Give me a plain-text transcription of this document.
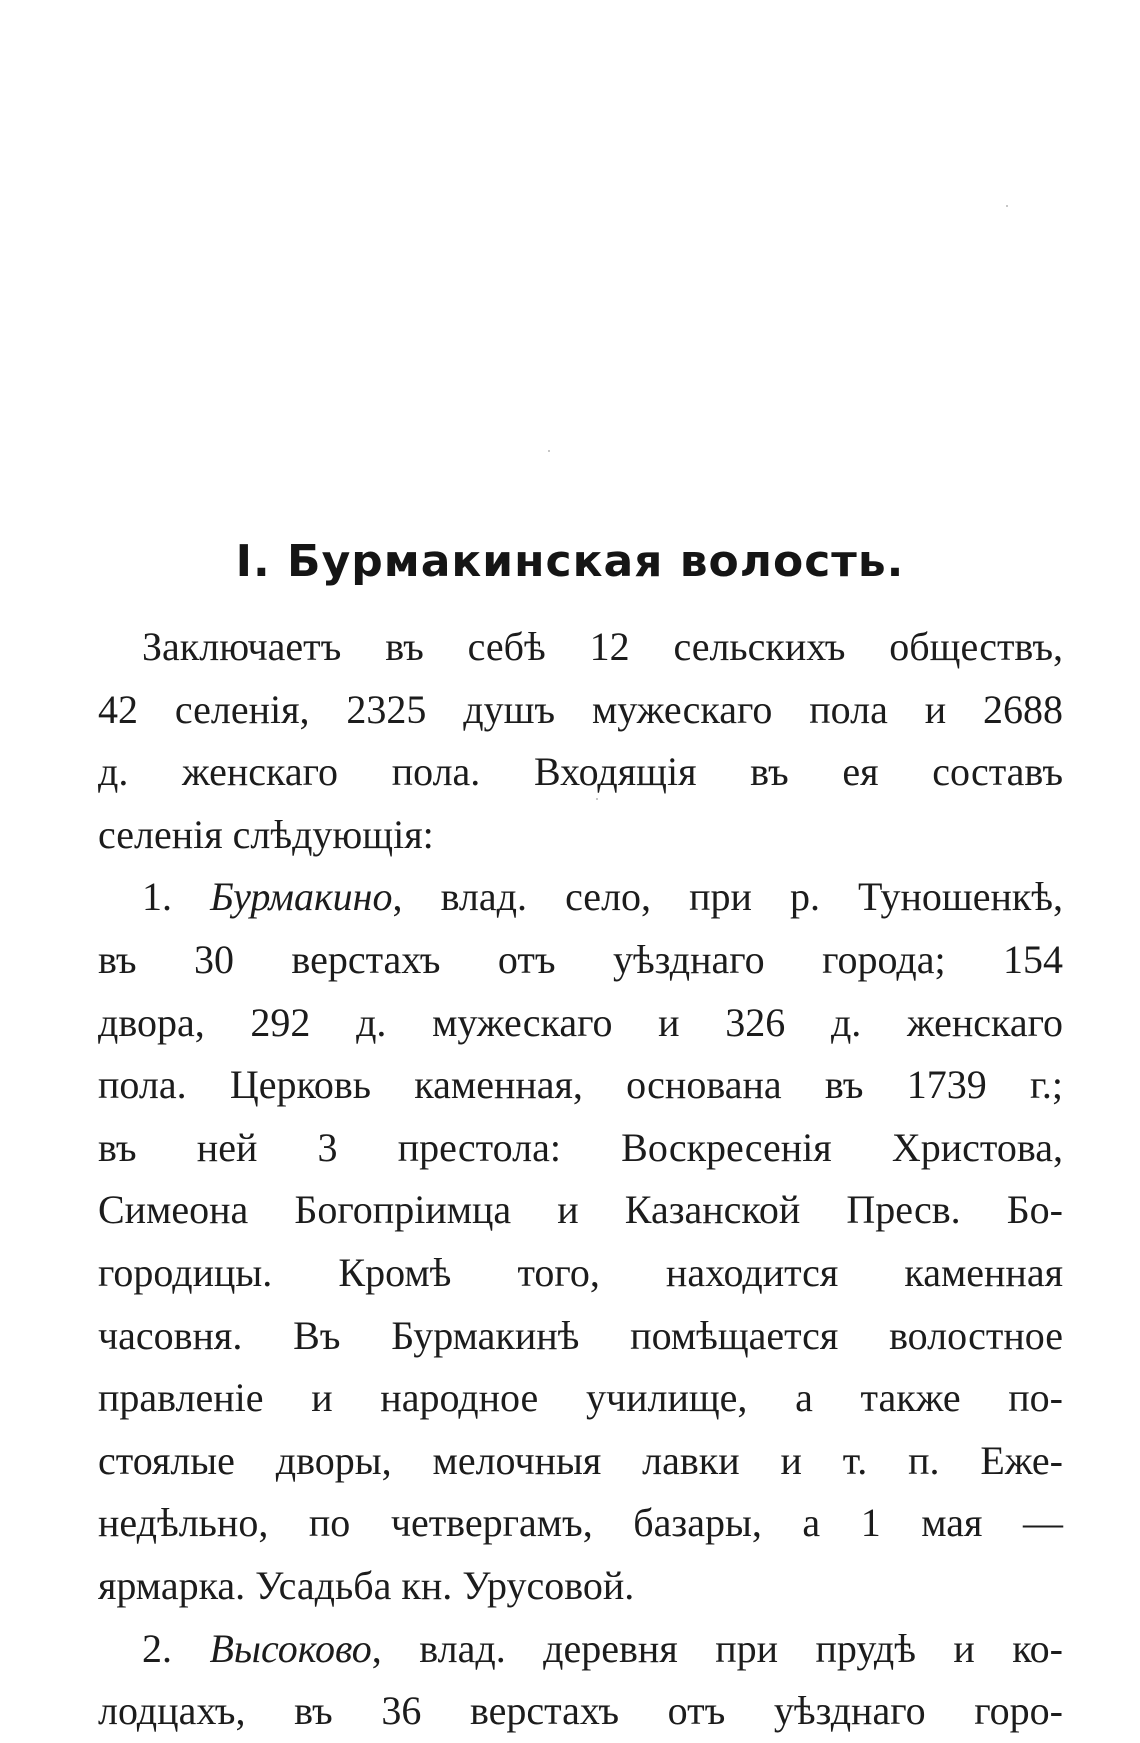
I. Бурмакинская волость.
Заключаетъ въ себѣ 12 сельскихъ обществъ,
42 селенія, 2325 душъ мужескаго пола и 2688
д. женскаго пола. Входящія въ ея составъ
селенія слѣдующія:
1. Бурмакино, влад. село, при р. Туношенкѣ,
въ 30 верстахъ отъ уѣзднаго города; 154
двора, 292 д. мужескаго и 326 д. женскаго
пола. Церковь каменная, основана въ 1739 г.;
въ ней 3 престола: Воскресенія Христова,
Симеона Богопріимца и Казанской Пресв. Бо-
городицы. Кромѣ того, находится каменная
часовня. Въ Бурмакинѣ помѣщается волостное
правленіе и народное училище, а также по-
стоялые дворы, мелочныя лавки и т. п. Еже-
недѣльно, по четвергамъ, базары, а 1 мая —
ярмарка. Усадьба кн. Урусовой.
2. Высоково, влад. деревня при прудѣ и ко-
лодцахъ, въ 36 верстахъ отъ уѣзднаго горо-
